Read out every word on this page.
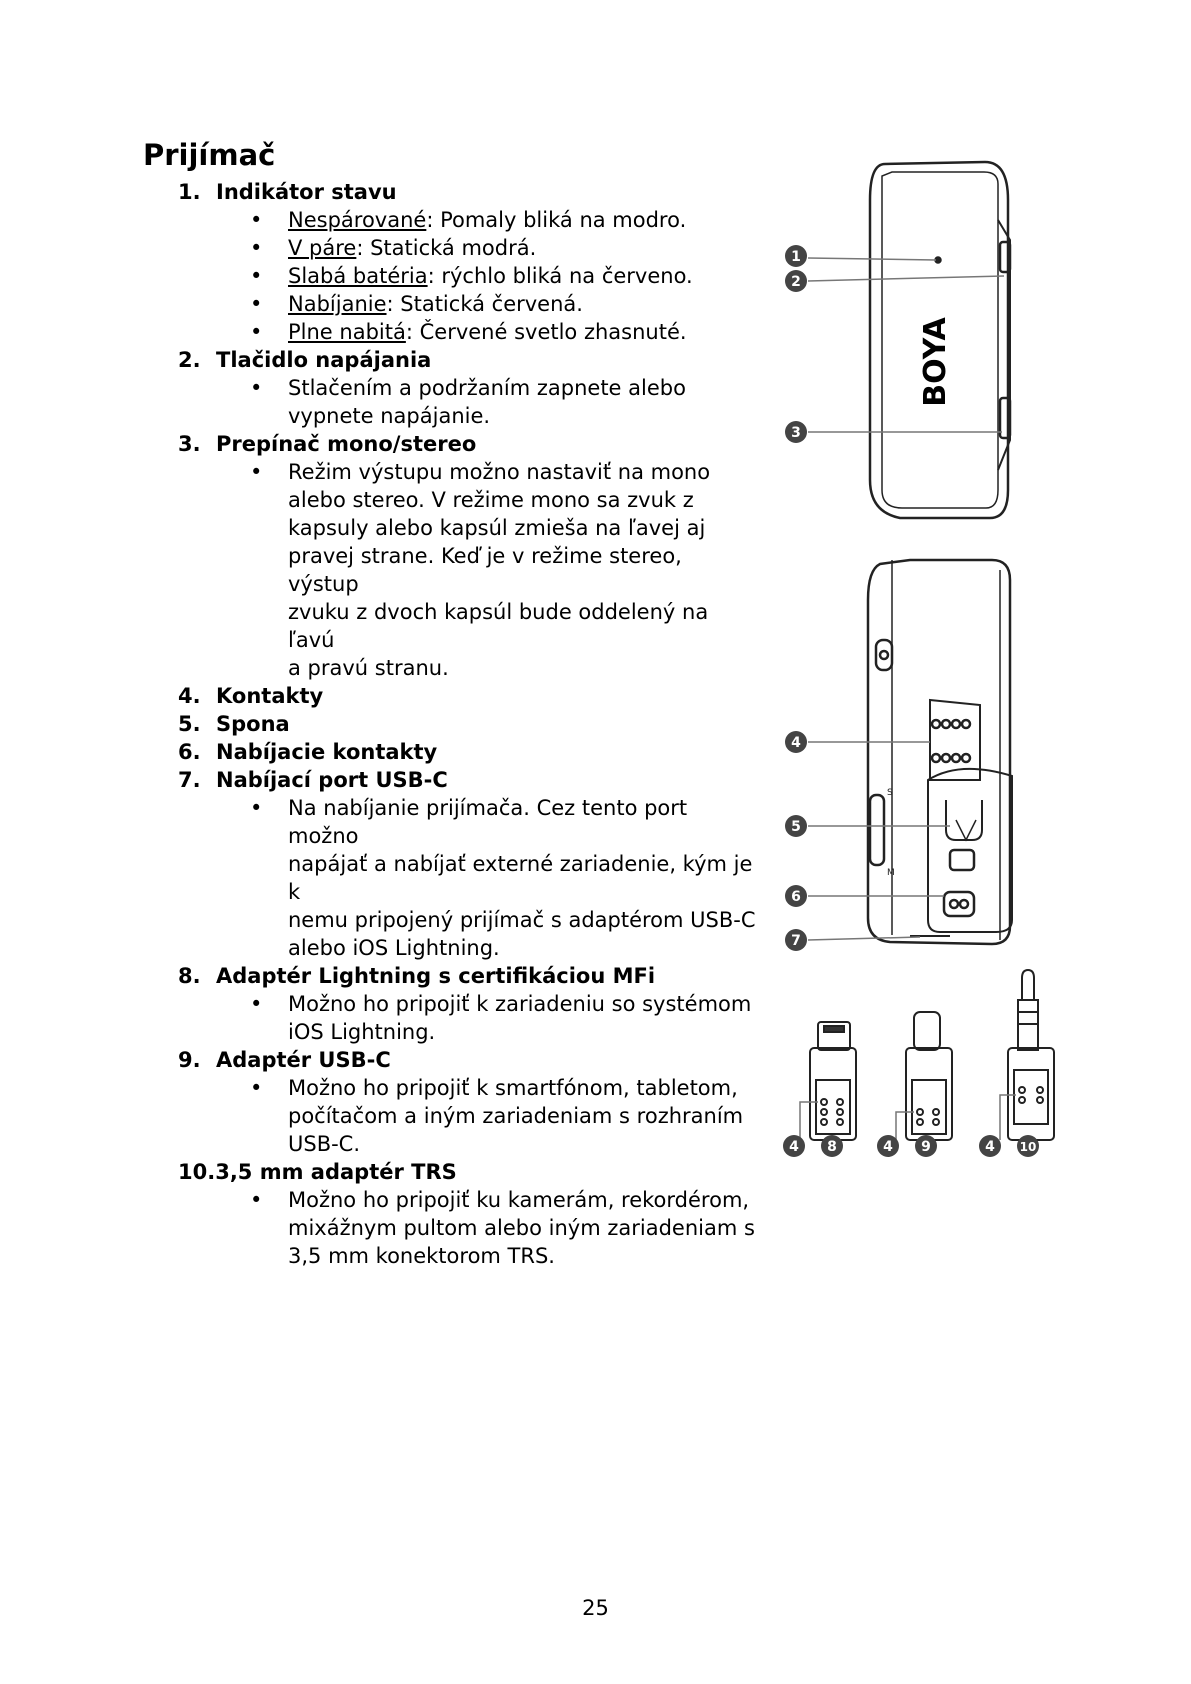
Prijímač
1. Indikátor stavu
• Nespárované: Pomaly bliká na modro.
• V páre: Statická modrá.
• Slabá batéria: rýchlo bliká na červeno.
• Nabíjanie: Statická červená.
• Plne nabitá: Červené svetlo zhasnuté.
2. Tlačidlo napájania
• Stlačením a podržaním zapnete alebo
vypnete napájanie.
3. Prepínač mono/stereo
• Režim výstupu možno nastaviť na mono
alebo stereo. V režime mono sa zvuk z
kapsuly alebo kapsúl zmieša na ľavej aj
pravej strane. Keď je v režime stereo, výstup
zvuku z dvoch kapsúl bude oddelený na ľavú
a pravú stranu.
4. Kontakty
5. Spona
6. Nabíjacie kontakty
7. Nabíjací port USB-C
• Na nabíjanie prijímača. Cez tento port možno
napájať a nabíjať externé zariadenie, kým je k
nemu pripojený prijímač s adaptérom USB-C
alebo iOS Lightning.
8. Adaptér Lightning s certifikáciou MFi
• Možno ho pripojiť k zariadeniu so systémom
iOS Lightning.
9. Adaptér USB-C
• Možno ho pripojiť k smartfónom, tabletom,
počítačom a iným zariadeniam s rozhraním
USB-C.
10.3,5 mm adaptér TRS
• Možno ho pripojiť ku kamerám, rekordérom,
mixážnym pultom alebo iným zariadeniam s
3,5 mm konektorom TRS.
BOYA
1
2
3
S
M
4
5
6
7
4 8	4 9	4 10
25
